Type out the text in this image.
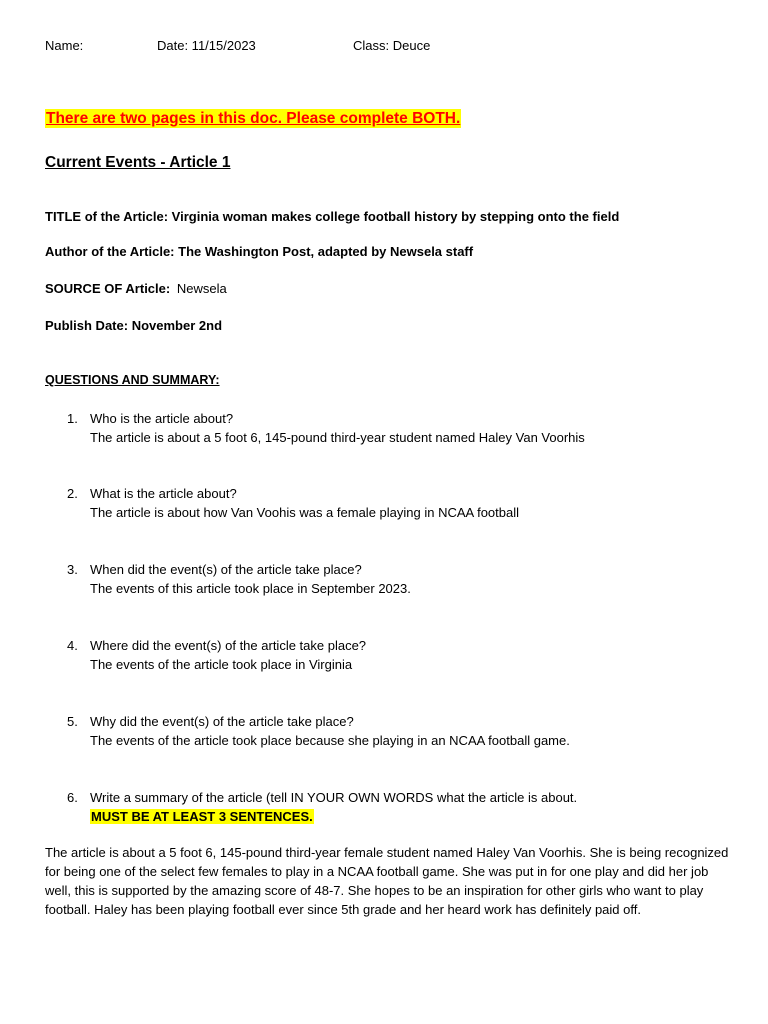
Name:	Date: 11/15/2023	Class: Deuce
There are two pages in this doc. Please complete BOTH.
Current Events - Article 1
TITLE of the Article: Virginia woman makes college football history by stepping onto the field
Author of the Article: The Washington Post, adapted by Newsela staff
SOURCE OF Article: Newsela
Publish Date: November 2nd
QUESTIONS AND SUMMARY:
1. Who is the article about?
The article is about a 5 foot 6, 145-pound third-year student named Haley Van Voorhis
2. What is the article about?
The article is about how Van Voohis was a female playing in NCAA football
3. When did the event(s) of the article take place?
The events of this article took place in September 2023.
4. Where did the event(s) of the article take place?
The events of the article took place in Virginia
5. Why did the event(s) of the article take place?
The events of the article took place because she playing in an NCAA football game.
6. Write a summary of the article (tell IN YOUR OWN WORDS what the article is about.
MUST BE AT LEAST 3 SENTENCES.
The article is about a 5 foot 6, 145-pound third-year female student named Haley Van Voorhis. She is being recognized for being one of the select few females to play in a NCAA football game. She was put in for one play and did her job well, this is supported by the amazing score of 48-7. She hopes to be an inspiration for other girls who want to play football. Haley has been playing football ever since 5th grade and her heard work has definitely paid off.
